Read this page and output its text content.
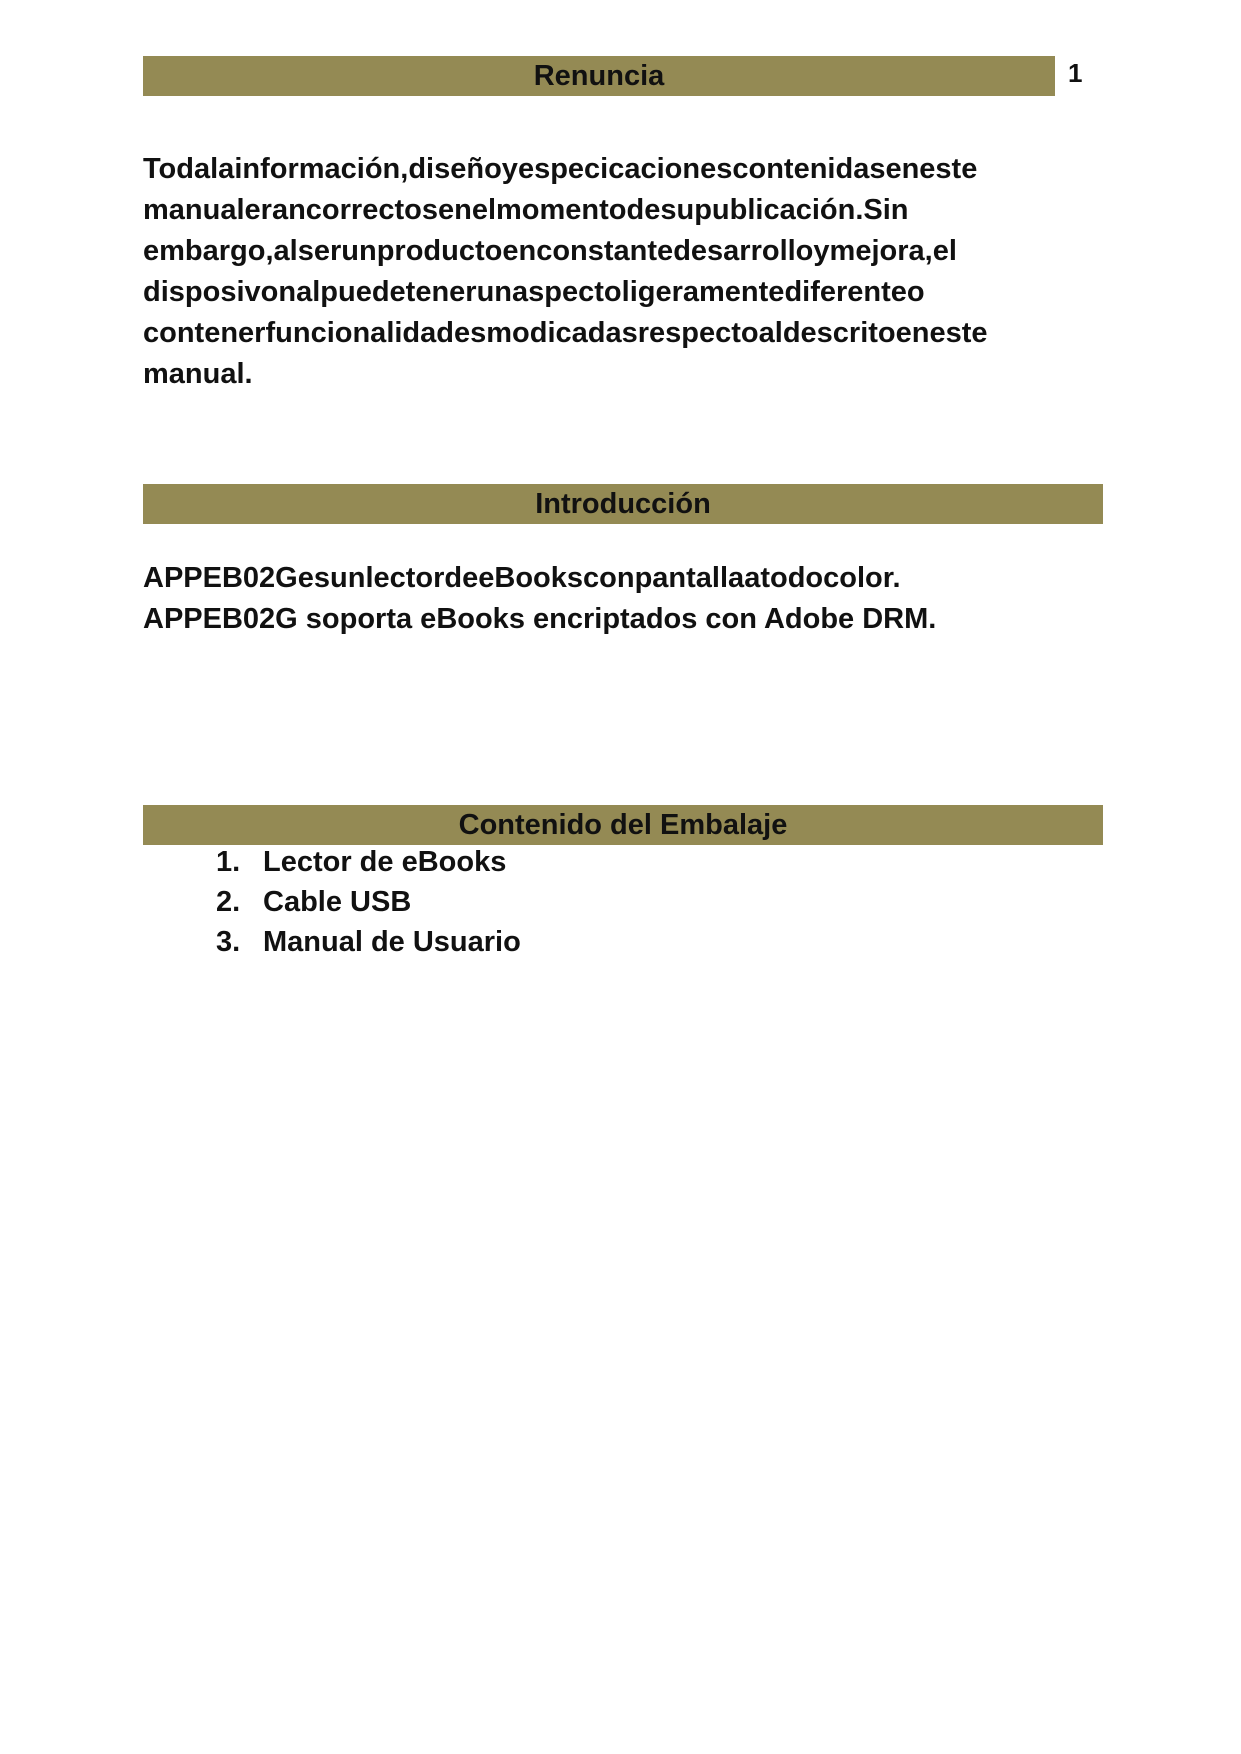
1
Renuncia
Todalainformación,diseñoyespecicacionescontenidaseneste
manualerancorrectosenelmomentodesupublicación.Sin
embargo,alserunproductoenconstantedesarrolloymejora,el
disposivonalpuedetenerunaspectoligeramentediferenteo
contenerfuncionalidadesmodicadasrespectoaldescritoeneste
manual.
Introducción
APPEB02GesunlectordeeBooksconpantallaatodocolor.
APPEB02G soporta eBooks encriptados con Adobe DRM.
Contenido del Embalaje
1. Lector de eBooks
2. Cable USB
3. Manual de Usuario
